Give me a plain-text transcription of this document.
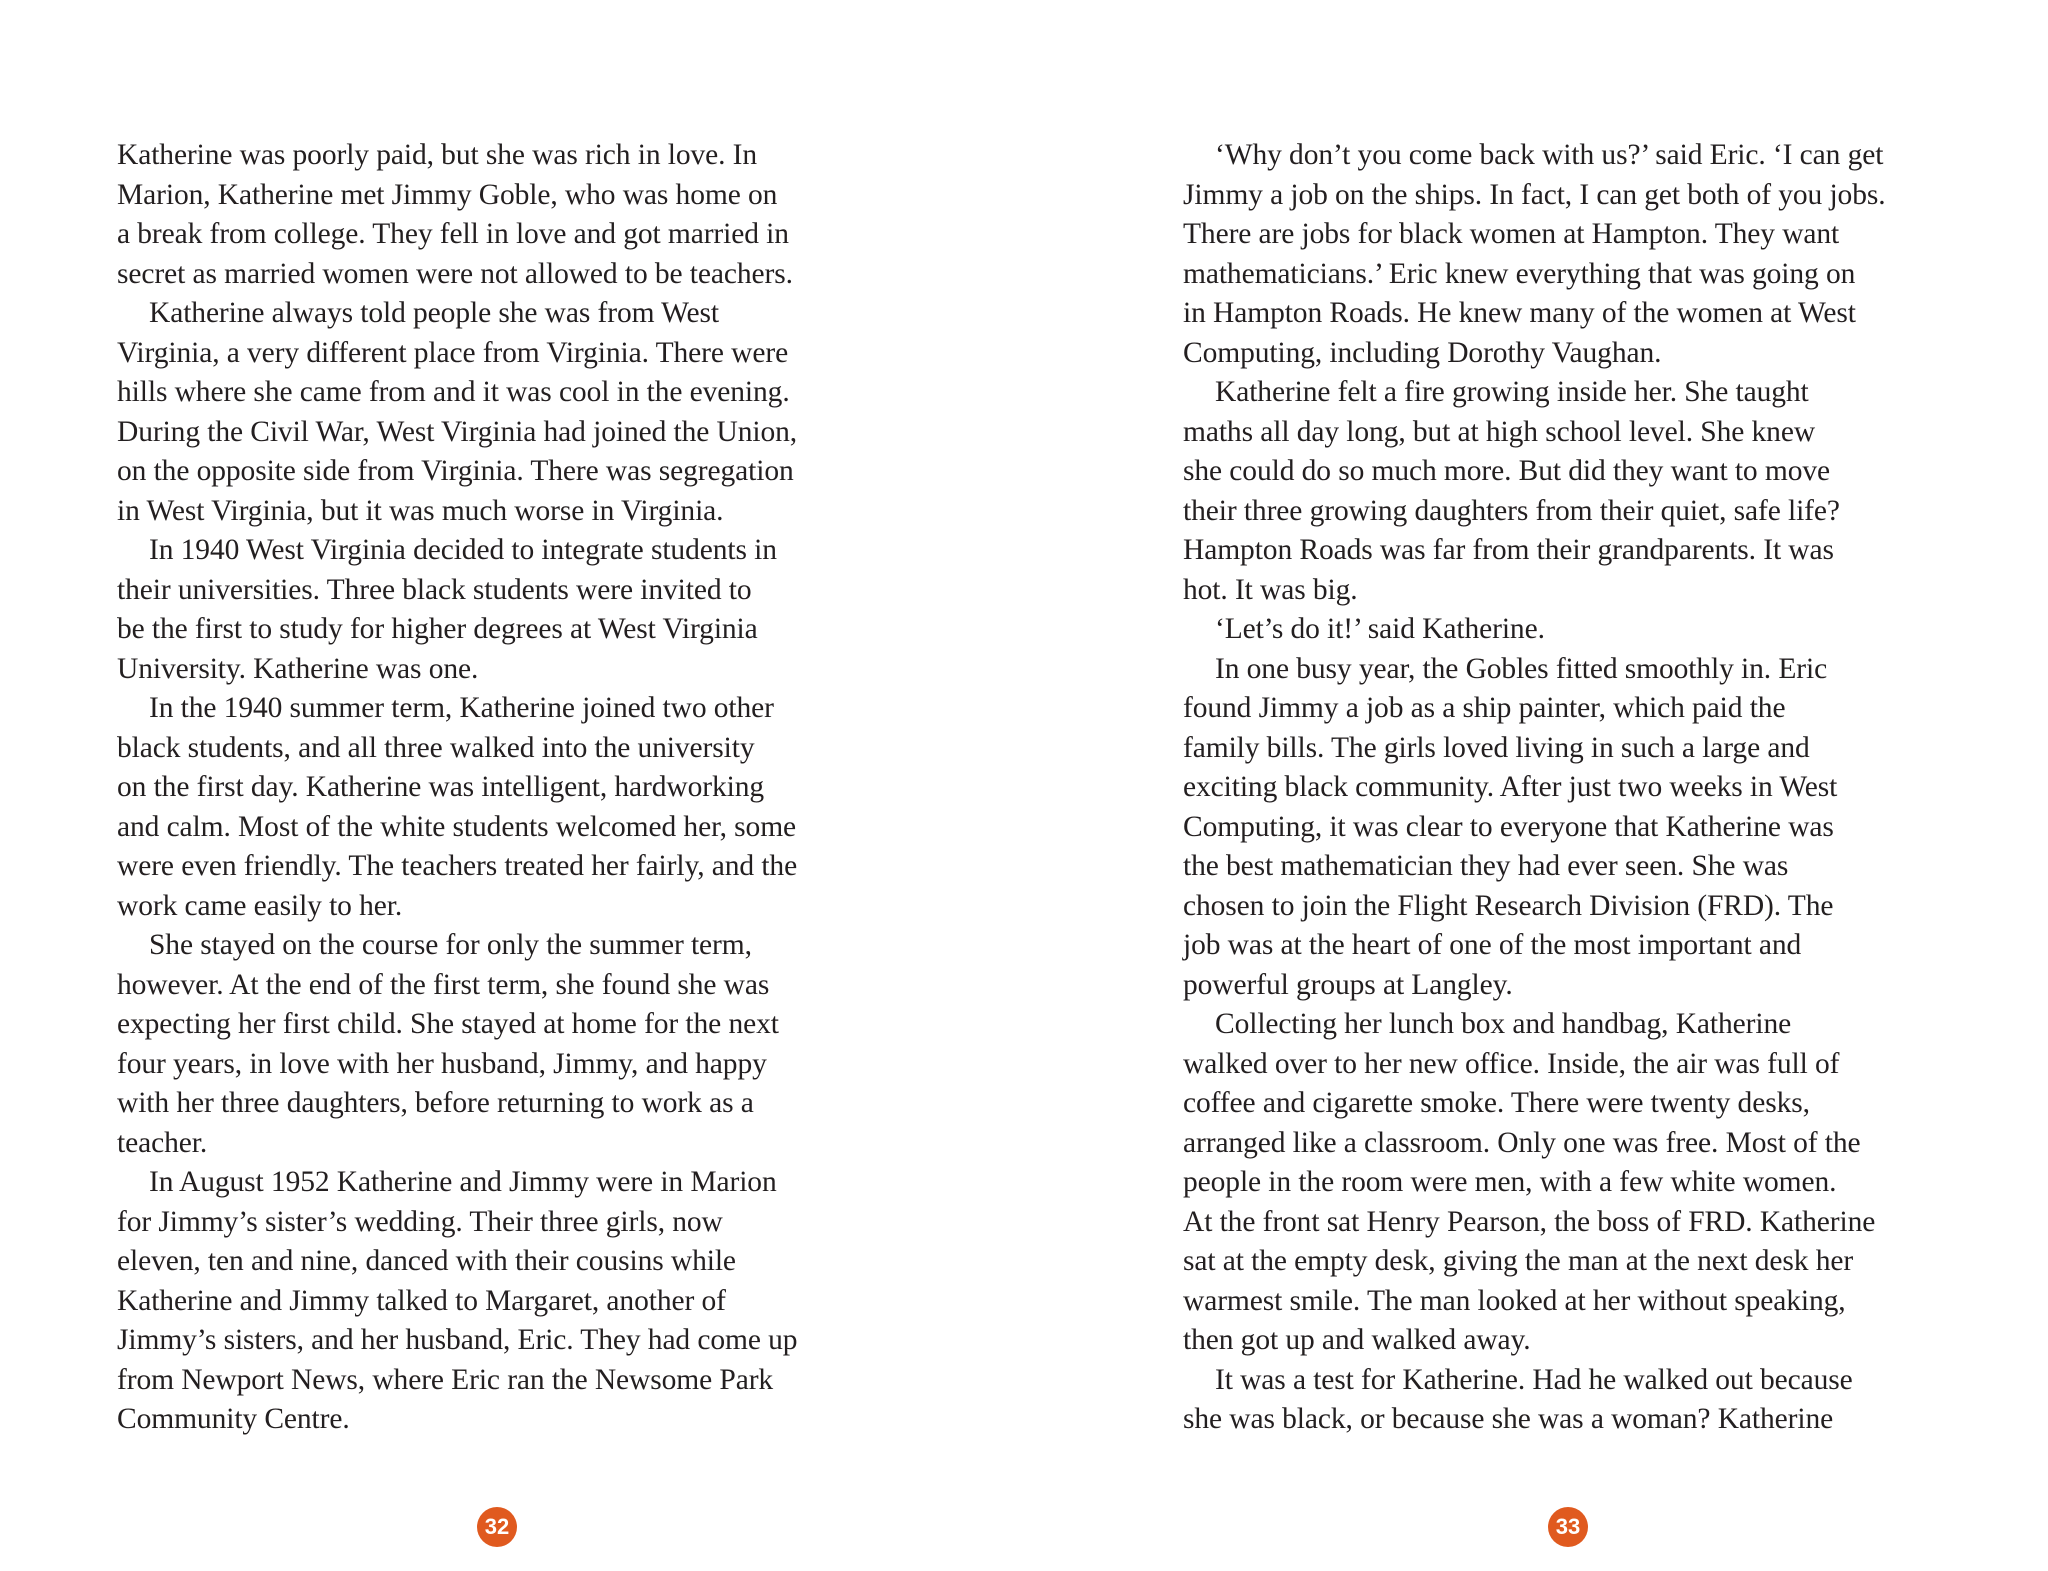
Katherine was poorly paid, but she was rich in love. In
Marion, Katherine met Jimmy Goble, who was home on
a break from college. They fell in love and got married in
secret as married women were not allowed to be teachers.
Katherine always told people she was from West
Virginia, a very different place from Virginia. There were
hills where she came from and it was cool in the evening.
During the Civil War, West Virginia had joined the Union,
on the opposite side from Virginia. There was segregation
in West Virginia, but it was much worse in Virginia.
In 1940 West Virginia decided to integrate students in
their universities. Three black students were invited to
be the first to study for higher degrees at West Virginia
University. Katherine was one.
In the 1940 summer term, Katherine joined two other
black students, and all three walked into the university
on the first day. Katherine was intelligent, hardworking
and calm. Most of the white students welcomed her, some
were even friendly. The teachers treated her fairly, and the
work came easily to her.
She stayed on the course for only the summer term,
however. At the end of the first term, she found she was
expecting her first child. She stayed at home for the next
four years, in love with her husband, Jimmy, and happy
with her three daughters, before returning to work as a
teacher.
In August 1952 Katherine and Jimmy were in Marion
for Jimmy’s sister’s wedding. Their three girls, now
eleven, ten and nine, danced with their cousins while
Katherine and Jimmy talked to Margaret, another of
Jimmy’s sisters, and her husband, Eric. They had come up
from Newport News, where Eric ran the Newsome Park
Community Centre.
32
‘Why don’t you come back with us?’ said Eric. ‘I can get
Jimmy a job on the ships. In fact, I can get both of you jobs.
There are jobs for black women at Hampton. They want
mathematicians.’ Eric knew everything that was going on
in Hampton Roads. He knew many of the women at West
Computing, including Dorothy Vaughan.
Katherine felt a fire growing inside her. She taught
maths all day long, but at high school level. She knew
she could do so much more. But did they want to move
their three growing daughters from their quiet, safe life?
Hampton Roads was far from their grandparents. It was
hot. It was big.
‘Let’s do it!’ said Katherine.
In one busy year, the Gobles fitted smoothly in. Eric
found Jimmy a job as a ship painter, which paid the
family bills. The girls loved living in such a large and
exciting black community. After just two weeks in West
Computing, it was clear to everyone that Katherine was
the best mathematician they had ever seen. She was
chosen to join the Flight Research Division (FRD). The
job was at the heart of one of the most important and
powerful groups at Langley.
Collecting her lunch box and handbag, Katherine
walked over to her new office. Inside, the air was full of
coffee and cigarette smoke. There were twenty desks,
arranged like a classroom. Only one was free. Most of the
people in the room were men, with a few white women.
At the front sat Henry Pearson, the boss of FRD. Katherine
sat at the empty desk, giving the man at the next desk her
warmest smile. The man looked at her without speaking,
then got up and walked away.
It was a test for Katherine. Had he walked out because
she was black, or because she was a woman? Katherine
33
